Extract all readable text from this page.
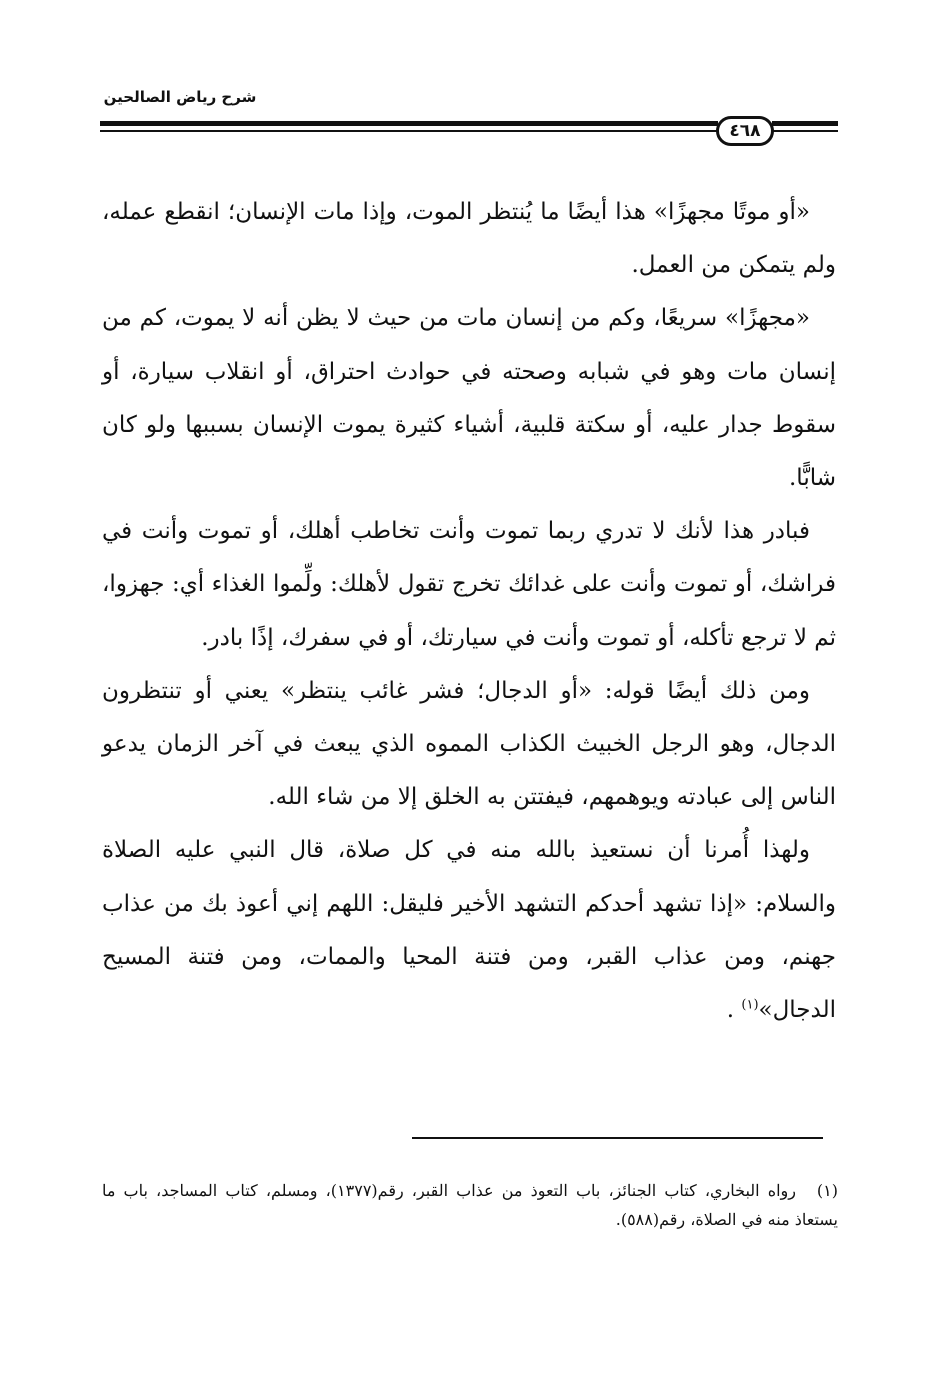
شرح رياض الصالحين
٤٦٨

«أو موتًا مجهزًا» هذا أيضًا ما يُنتظر الموت، وإذا مات الإنسان؛ انقطع عمله، ولم يتمكن من العمل.

«مجهزًا» سريعًا، وكم من إنسان مات من حيث لا يظن أنه لا يموت، كم من إنسان مات وهو في شبابه وصحته في حوادث احتراق، أو انقلاب سيارة، أو سقوط جدار عليه، أو سكتة قلبية، أشياء كثيرة يموت الإنسان بسببها ولو كان شابًّا.

فبادر هذا لأنك لا تدري ربما تموت وأنت تخاطب أهلك، أو تموت وأنت في فراشك، أو تموت وأنت على غدائك تخرج تقول لأهلك: ولِّموا الغذاء أي: جهزوا، ثم لا ترجع تأكله، أو تموت وأنت في سيارتك، أو في سفرك، إذًا بادر.

ومن ذلك أيضًا قوله: «أو الدجال؛ فشر غائب ينتظر» يعني أو تنتظرون الدجال، وهو الرجل الخبيث الكذاب المموه الذي يبعث في آخر الزمان يدعو الناس إلى عبادته ويوهمهم، فيفتتن به الخلق إلا من شاء الله.

ولهذا أُمرنا أن نستعيذ بالله منه في كل صلاة، قال النبي عليه الصلاة والسلام: «إذا تشهد أحدكم التشهد الأخير فليقل: اللهم إني أعوذ بك من عذاب جهنم، ومن عذاب القبر، ومن فتنة المحيا والممات، ومن فتنة المسيح الدجال»$^{(١)}$ .

(١)رواه البخاري، كتاب الجنائز، باب التعوذ من عذاب القبر، رقم(١٣٧٧)، ومسلم، كتاب المساجد، باب ما يستعاذ منه في الصلاة، رقم(٥٨٨).
